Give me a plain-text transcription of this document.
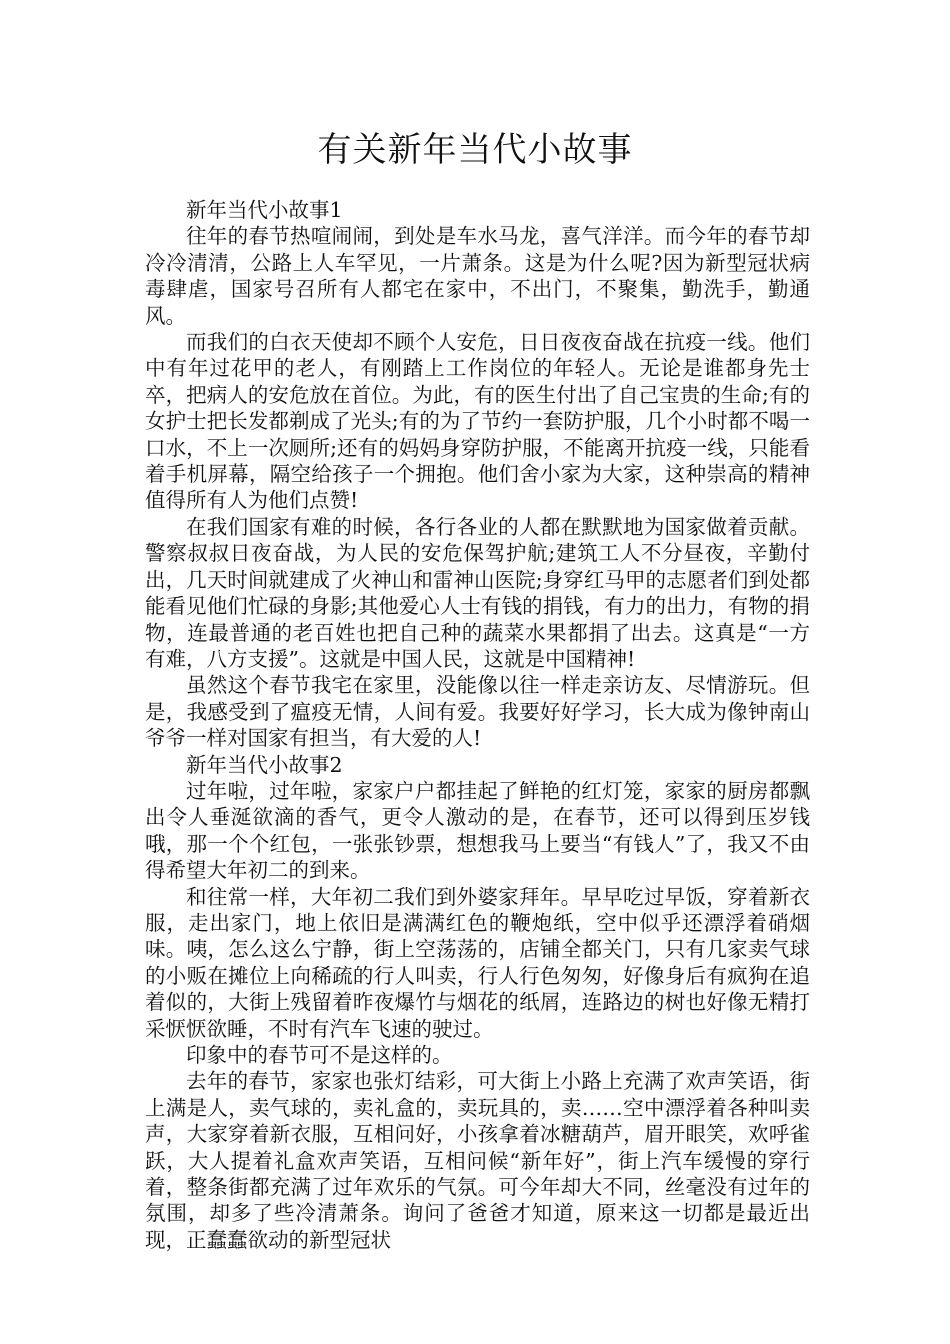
有关新年当代小故事

新年当代小故事1

往年的春节热喧闹闹，到处是车水马龙，喜气洋洋。而今年的春节却冷冷清清，公路上人车罕见，一片萧条。这是为什么呢?因为新型冠状病毒肆虐，国家号召所有人都宅在家中，不出门，不聚集，勤洗手，勤通风。

而我们的白衣天使却不顾个人安危，日日夜夜奋战在抗疫一线。他们中有年过花甲的老人，有刚踏上工作岗位的年轻人。无论是谁都身先士卒，把病人的安危放在首位。为此，有的医生付出了自己宝贵的生命;有的女护士把长发都剃成了光头;有的为了节约一套防护服，几个小时都不喝一口水，不上一次厕所;还有的妈妈身穿防护服，不能离开抗疫一线，只能看着手机屏幕，隔空给孩子一个拥抱。他们舍小家为大家，这种崇高的精神值得所有人为他们点赞!

在我们国家有难的时候，各行各业的人都在默默地为国家做着贡献。警察叔叔日夜奋战，为人民的安危保驾护航;建筑工人不分昼夜，辛勤付出，几天时间就建成了火神山和雷神山医院;身穿红马甲的志愿者们到处都能看见他们忙碌的身影;其他爱心人士有钱的捐钱，有力的出力，有物的捐物，连最普通的老百姓也把自己种的蔬菜水果都捐了出去。这真是“一方有难，八方支援”。这就是中国人民，这就是中国精神!

虽然这个春节我宅在家里，没能像以往一样走亲访友、尽情游玩。但是，我感受到了瘟疫无情，人间有爱。我要好好学习，长大成为像钟南山爷爷一样对国家有担当，有大爱的人!

新年当代小故事2

过年啦，过年啦，家家户户都挂起了鲜艳的红灯笼，家家的厨房都飘出令人垂涎欲滴的香气，更令人激动的是，在春节，还可以得到压岁钱哦，那一个个红包，一张张钞票，想想我马上要当“有钱人”了，我又不由得希望大年初二的到来。

和往常一样，大年初二我们到外婆家拜年。早早吃过早饭，穿着新衣服，走出家门，地上依旧是满满红色的鞭炮纸，空中似乎还漂浮着硝烟味。咦，怎么这么宁静，街上空荡荡的，店铺全都关门，只有几家卖气球的小贩在摊位上向稀疏的行人叫卖，行人行色匆匆，好像身后有疯狗在追着似的，大街上残留着昨夜爆竹与烟花的纸屑，连路边的树也好像无精打采恹恹欲睡，不时有汽车飞速的驶过。

印象中的春节可不是这样的。

去年的春节，家家也张灯结彩，可大街上小路上充满了欢声笑语，街上满是人，卖气球的，卖礼盒的，卖玩具的，卖……空中漂浮着各种叫卖声，大家穿着新衣服，互相问好，小孩拿着冰糖葫芦，眉开眼笑，欢呼雀跃，大人提着礼盒欢声笑语，互相问候“新年好”，街上汽车缓慢的穿行着，整条街都充满了过年欢乐的气氛。可今年却大不同，丝毫没有过年的氛围，却多了些冷清萧条。询问了爸爸才知道，原来这一切都是最近出现，正蠢蠢欲动的新型冠状
